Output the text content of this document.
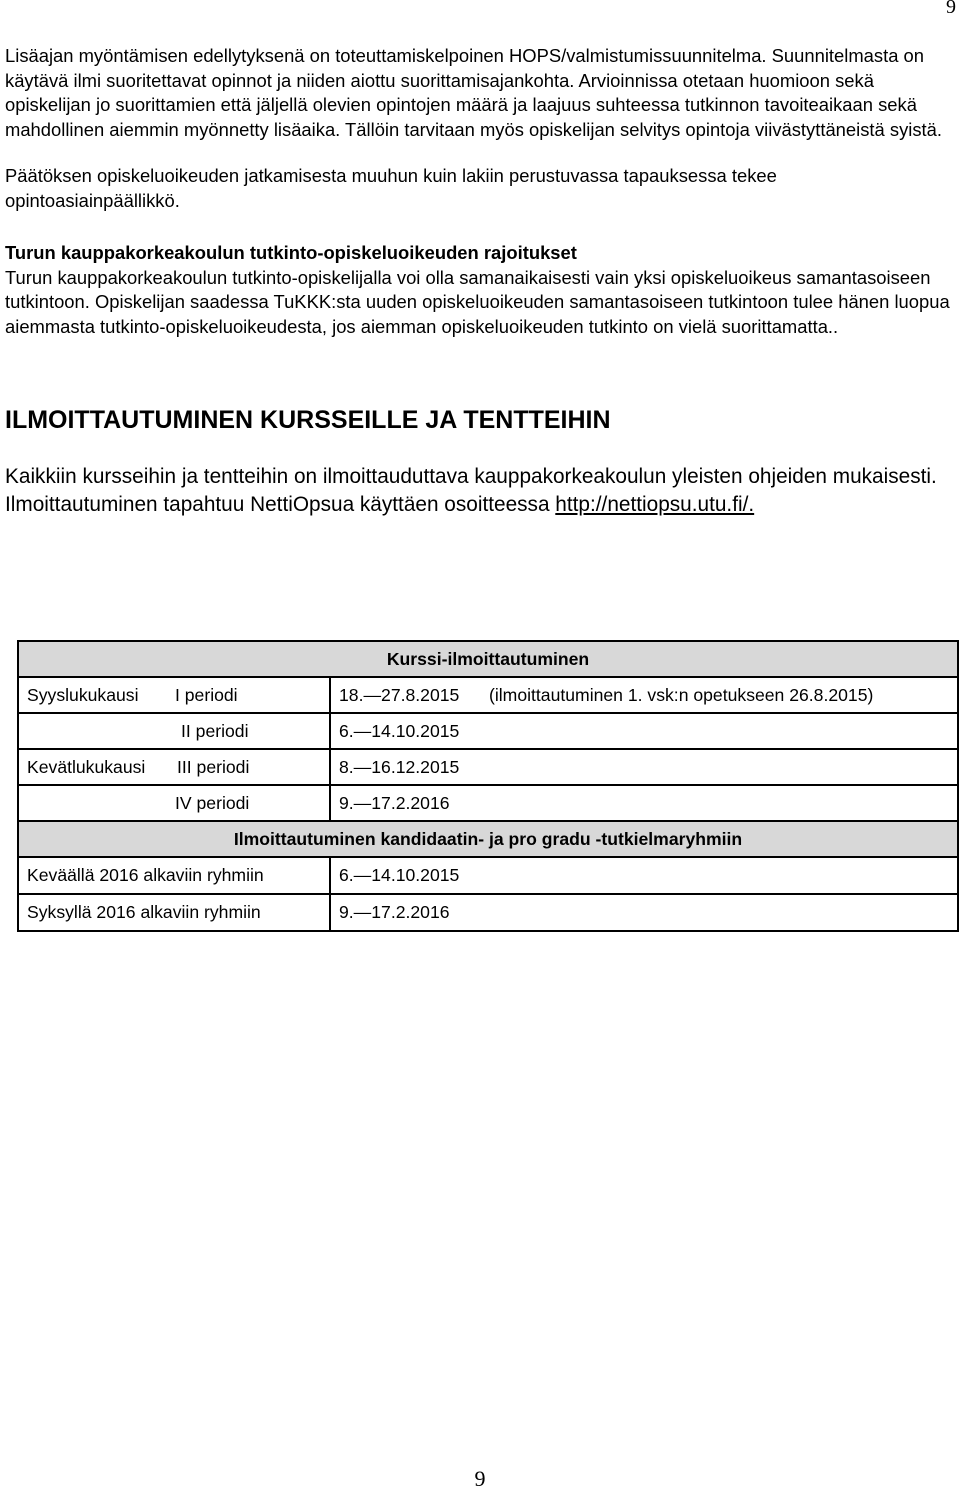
9

Lisäajan myöntämisen edellytyksenä on toteuttamiskelpoinen HOPS/valmistumissuunnitelma. Suunnitelmasta on käytävä ilmi suoritettavat opinnot ja niiden aiottu suorittamisajankohta. Arvioinnissa otetaan huomioon sekä opiskelijan jo suorittamien että jäljellä olevien opintojen määrä ja laajuus suhteessa tutkinnon tavoiteaikaan sekä mahdollinen aiemmin myönnetty lisäaika. Tällöin tarvitaan myös opiskelijan selvitys opintoja viivästyttäneistä syistä.

Päätöksen opiskeluoikeuden jatkamisesta muuhun kuin lakiin perustuvassa tapauksessa tekee opintoasiainpäällikkö.

Turun kauppakorkeakoulun tutkinto-opiskeluoikeuden rajoitukset

Turun kauppakorkeakoulun tutkinto-opiskelijalla voi olla samanaikaisesti vain yksi opiskeluoikeus samantasoiseen tutkintoon. Opiskelijan saadessa TuKKK:sta uuden opiskeluoikeuden samantasoiseen tutkintoon tulee hänen luopua aiemmasta tutkinto-opiskeluoikeudesta, jos aiemman opiskeluoikeuden tutkinto on vielä suorittamatta..

ILMOITTAUTUMINEN KURSSEILLE JA TENTTEIHIN
Kaikkiin kursseihin ja tentteihin on ilmoittauduttava kauppakorkeakoulun yleisten ohjeiden mukaisesti. Ilmoittautuminen tapahtuu NettiOpsua käyttäen osoitteessa http://nettiopsu.utu.fi/.
Kurssi-ilmoittautuminen	

Syyslukukausi I periodi	18.—27.8.2015 (ilmoittautuminen 1. vsk:n opetukseen 26.8.2015)

II periodi	6.—14.10.2015

Kevätlukukausi III periodi	8.—16.12.2015

IV periodi	9.—17.2.2016
Ilmoittautuminen kandidaatin- ja pro gradu -tutkielmaryhmiin	
Keväällä 2016 alkaviin ryhmiin	6.—14.10.2015
Syksyllä 2016 alkaviin ryhmiin	9.—17.2.2016
9
